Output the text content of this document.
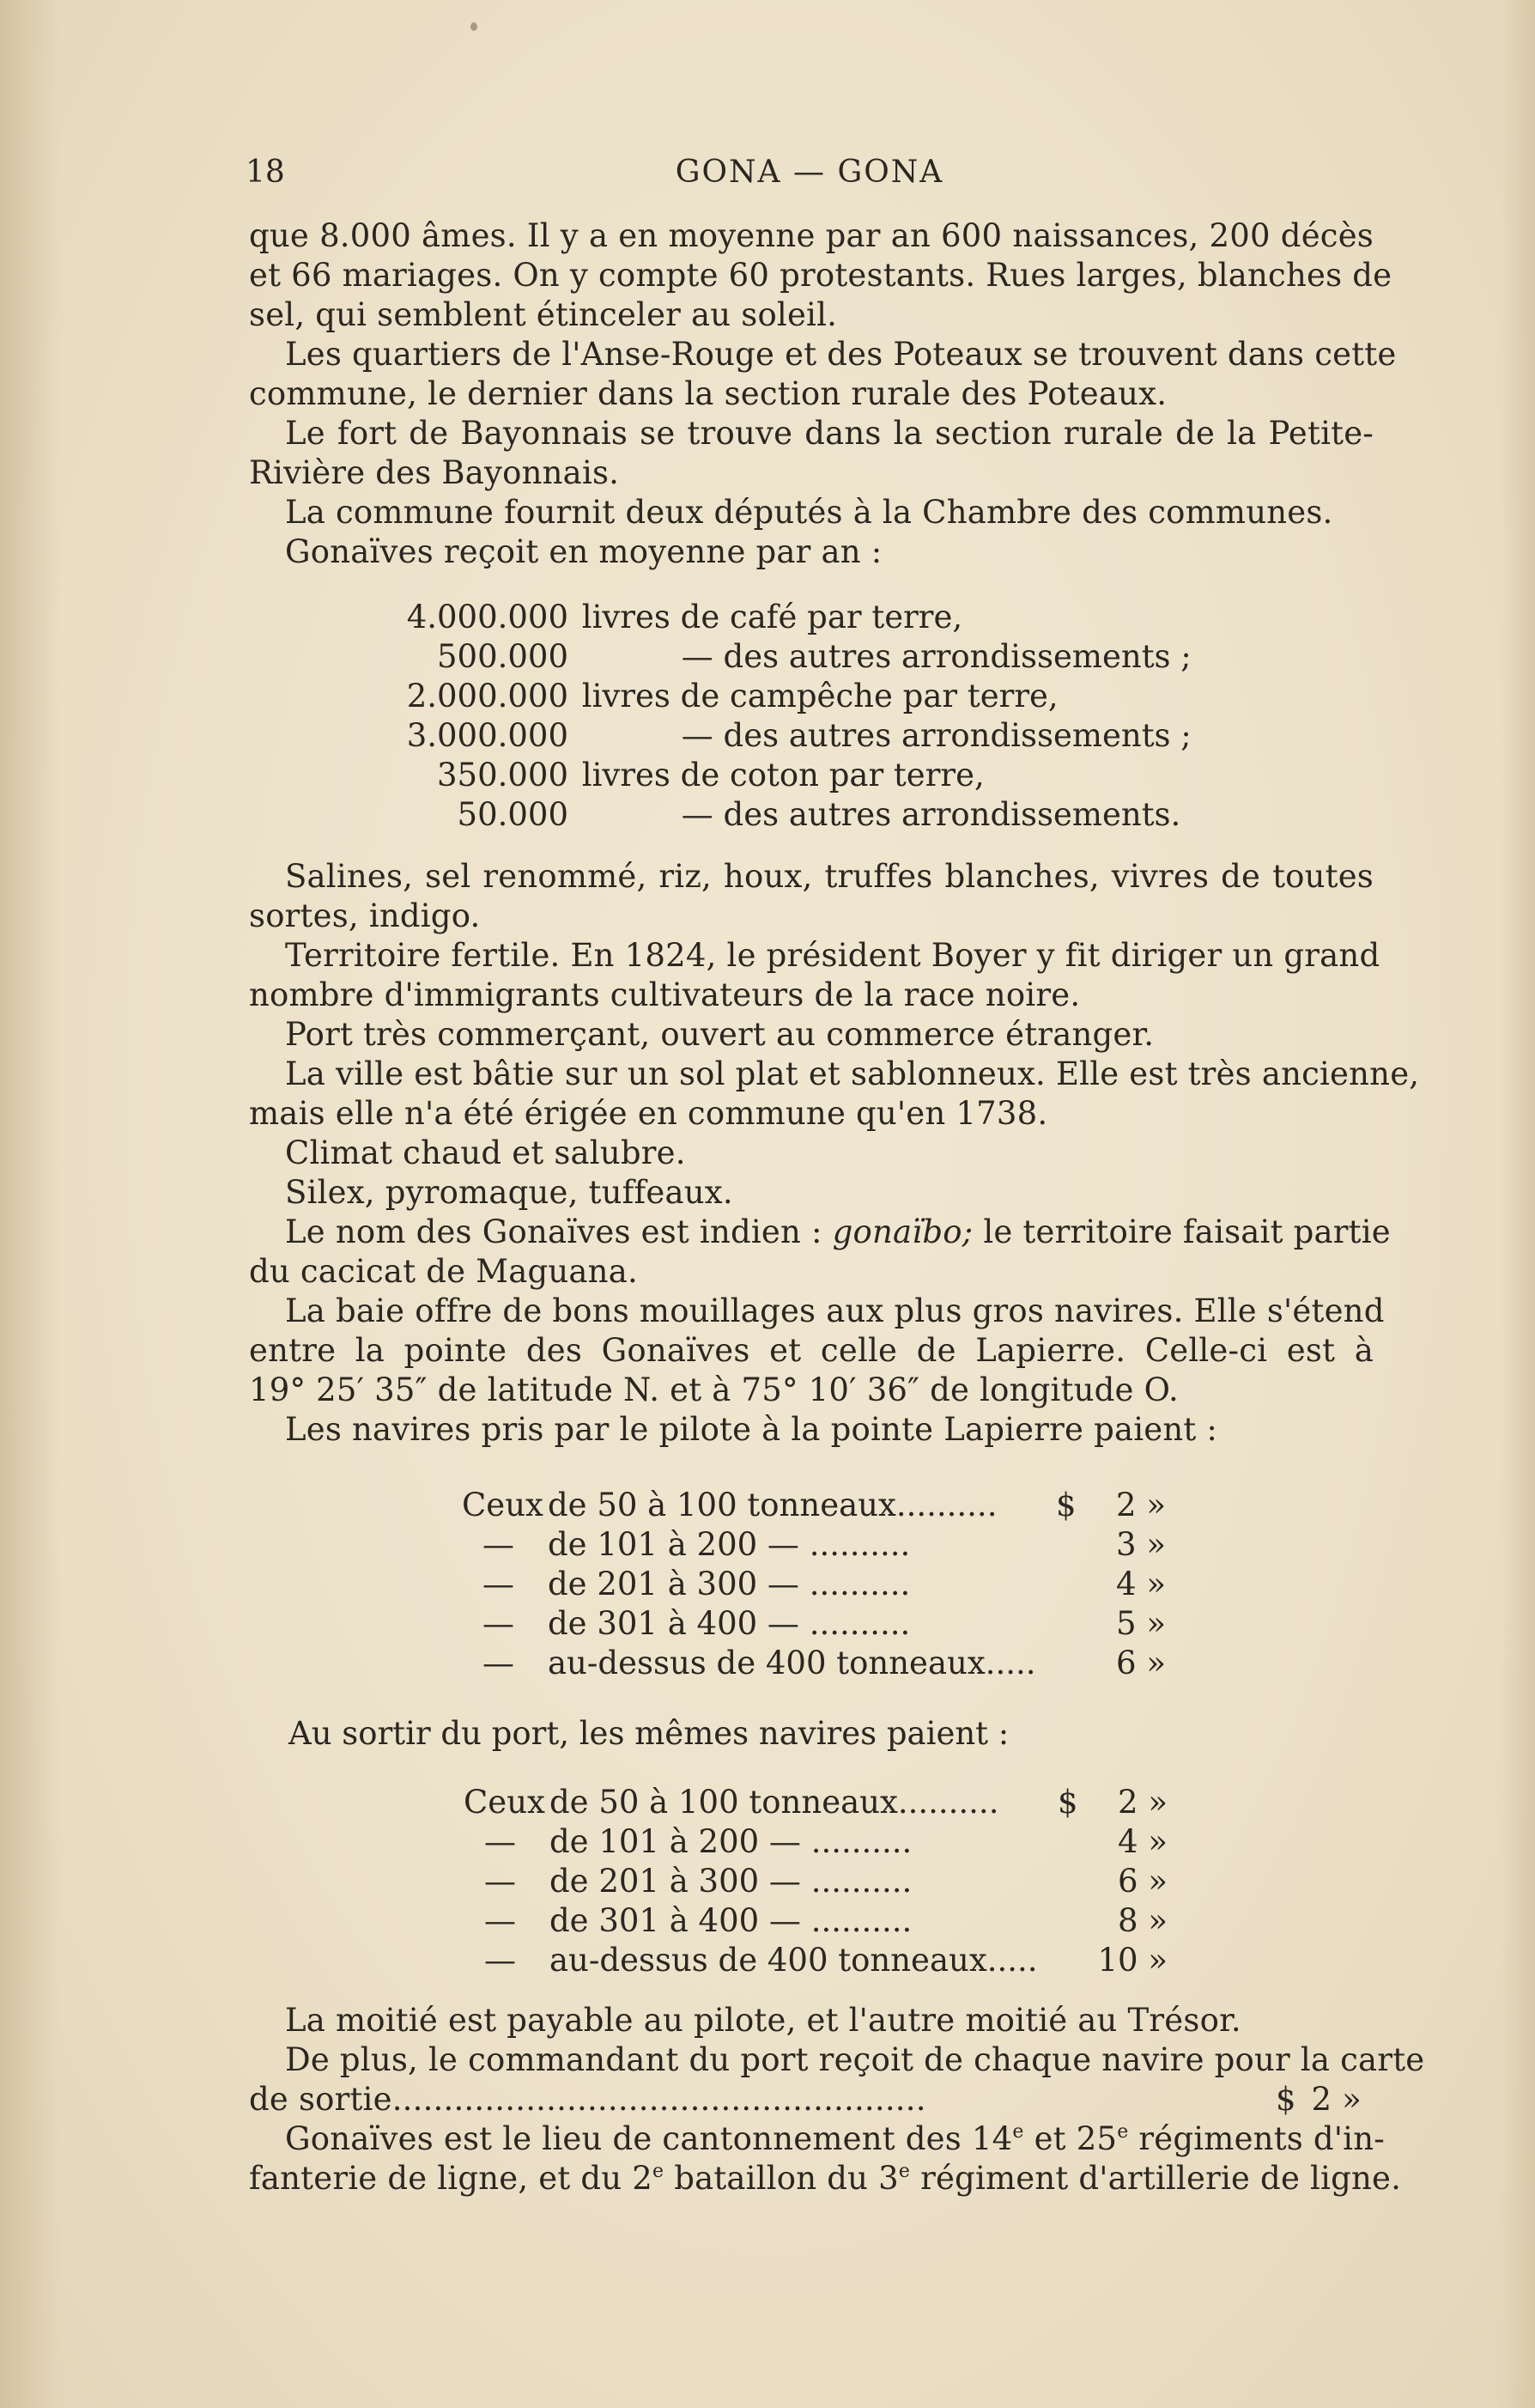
18	GONA — GONA
que 8.000 âmes. Il y a en moyenne par an 600 naissances, 200 décès
et 66 mariages. On y compte 60 protestants. Rues larges, blanches de
sel, qui semblent étinceler au soleil.
Les quartiers de l'Anse-Rouge et des Poteaux se trouvent dans cette
commune, le dernier dans la section rurale des Poteaux.
Le fort de Bayonnais se trouve dans la section rurale de la Petite-
Rivière des Bayonnais.
La commune fournit deux députés à la Chambre des communes.
Gonaïves reçoit en moyenne par an :
4.000.000 livres de café par terre,
500.000	— des autres arrondissements ;
2.000.000 livres de campêche par terre,
3.000.000	— des autres arrondissements ;
350.000 livres de coton par terre,
50.000	— des autres arrondissements.
Salines, sel renommé, riz, houx, truffes blanches, vivres de toutes
sortes, indigo.
Territoire fertile. En 1824, le président Boyer y fit diriger un grand
nombre d'immigrants cultivateurs de la race noire.
Port très commerçant, ouvert au commerce étranger.
La ville est bâtie sur un sol plat et sablonneux. Elle est très ancienne,
mais elle n'a été érigée en commune qu'en 1738.
Climat chaud et salubre.
Silex, pyromaque, tuffeaux.
Le nom des Gonaïves est indien : gonaïbo; le territoire faisait partie
du cacicat de Maguana.
La baie offre de bons mouillages aux plus gros navires. Elle s'étend
entre la pointe des Gonaïves et celle de Lapierre. Celle-ci est à
19° 25′ 35″ de latitude N. et à 75° 10′ 36″ de longitude O.
Les navires pris par le pilote à la pointe Lapierre paient :
Ceux de 50 à 100 tonneaux.......... $	2 »
— de 101 à 200 — ..........	3 »
— de 201 à 300 — ..........	4 »
— de 301 à 400 — ..........	5 »
— au-dessus de 400 tonneaux.....	6 »
Au sortir du port, les mêmes navires paient :
Ceux de 50 à 100 tonneaux.......... $	2 »
— de 101 à 200 — ..........	4 »
— de 201 à 300 — ..........	6 »
— de 301 à 400 — ..........	8 »
— au-dessus de 400 tonneaux.....	10 »
La moitié est payable au pilote, et l'autre moitié au Trésor.
De plus, le commandant du port reçoit de chaque navire pour la carte
de sortie....................................................	$ 2 »
Gonaïves est le lieu de cantonnement des 14e et 25e régiments d'in-
fanterie de ligne, et du 2e bataillon du 3e régiment d'artillerie de ligne.
